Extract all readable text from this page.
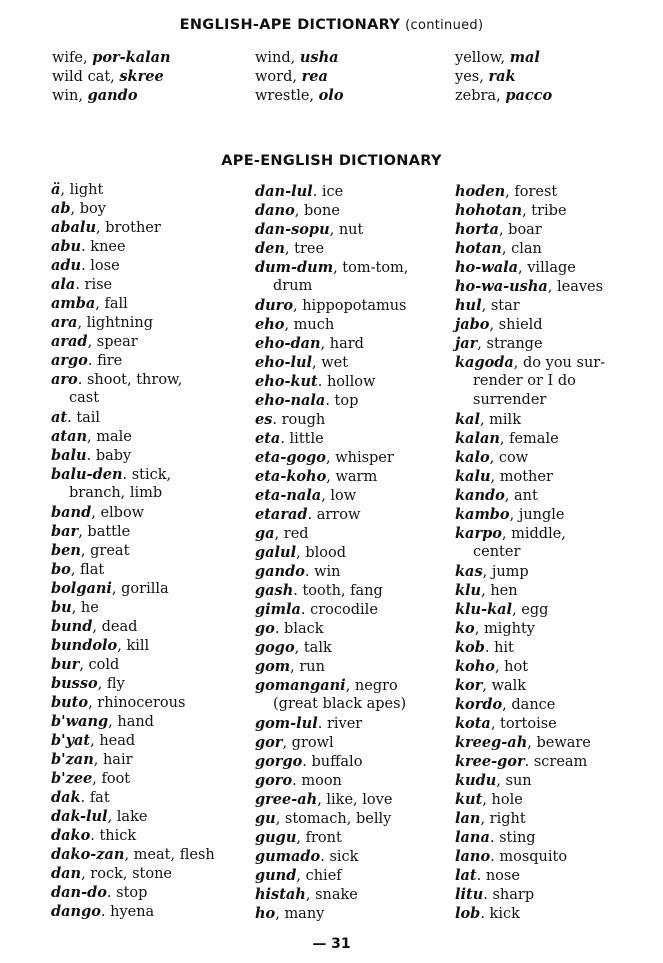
ENGLISH-APE DICTIONARY (continued)
wife, por-kalan
wild cat, skree
win, gando
wind, usha
word, rea
wrestle, olo
yellow, mal
yes, rak
zebra, pacco
APE-ENGLISH DICTIONARY
ä, light
ab, boy
abalu, brother
abu. knee
adu. lose
ala. rise
amba, fall
ara, lightning
arad, spear
argo. fire
aro. shoot, throw,
cast
at. tail
atan, male
balu. baby
balu-den. stick,
branch, limb
band, elbow
bar, battle
ben, great
bo, flat
bolgani, gorilla
bu, he
bund, dead
bundolo, kill
bur, cold
busso, fly
buto, rhinocerous
b'wang, hand
b'yat, head
b'zan, hair
b'zee, foot
dak. fat
dak-lul, lake
dako. thick
dako-zan, meat, flesh
dan, rock, stone
dan-do. stop
dango. hyena
dan-lul. ice
dano, bone
dan-sopu, nut
den, tree
dum-dum, tom-tom,
drum
duro, hippopotamus
eho, much
eho-dan, hard
eho-lul, wet
eho-kut. hollow
eho-nala. top
es. rough
eta. little
eta-gogo, whisper
eta-koho, warm
eta-nala, low
etarad. arrow
ga, red
galul, blood
gando. win
gash. tooth, fang
gimla. crocodile
go. black
gogo, talk
gom, run
gomangani, negro
(great black apes)
gom-lul. river
gor, growl
gorgo. buffalo
goro. moon
gree-ah, like, love
gu, stomach, belly
gugu, front
gumado. sick
gund, chief
histah, snake
ho, many
hoden, forest
hohotan, tribe
horta, boar
hotan, clan
ho-wala, village
ho-wa-usha, leaves
hul, star
jabo, shield
jar, strange
kagoda, do you sur-
render or I do
surrender
kal, milk
kalan, female
kalo, cow
kalu, mother
kando, ant
kambo, jungle
karpo, middle,
center
kas, jump
klu, hen
klu-kal, egg
ko, mighty
kob. hit
koho, hot
kor, walk
kordo, dance
kota, tortoise
kreeg-ah, beware
kree-gor. scream
kudu, sun
kut, hole
lan, right
lana. sting
lano. mosquito
lat. nose
litu. sharp
lob. kick
— 31
